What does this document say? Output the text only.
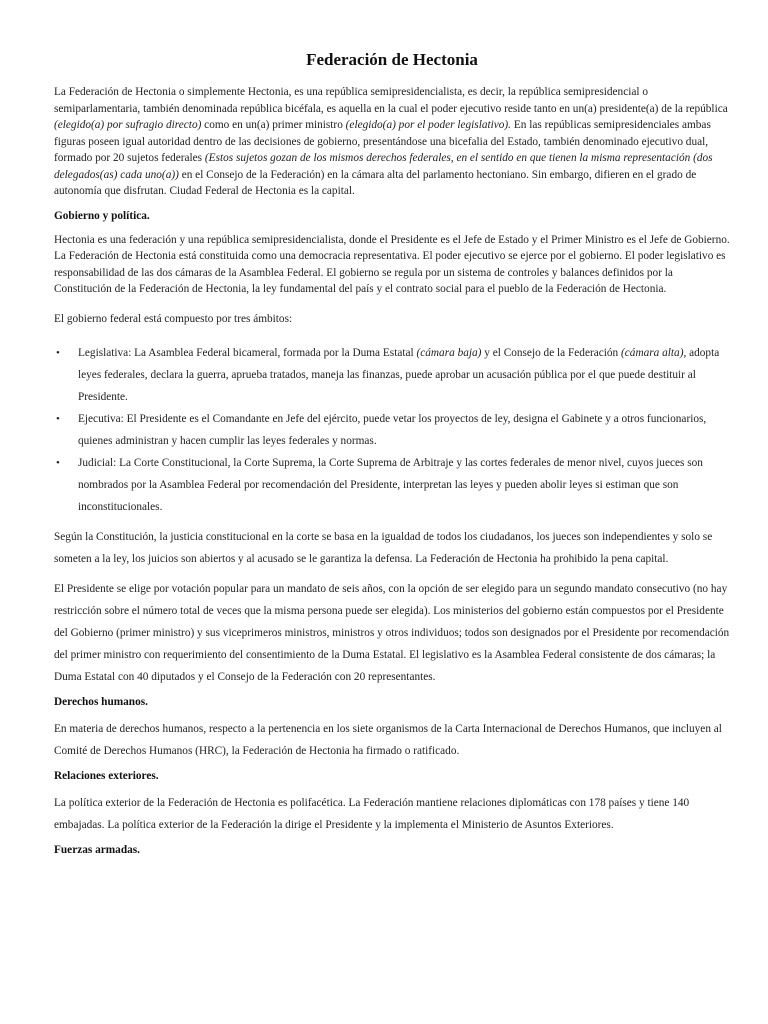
Federación de Hectonia

La Federación de Hectonia o simplemente Hectonia, es una república semipresidencialista, es decir, la república semipresidencial o semiparlamentaria, también denominada república bicéfala, es aquella en la cual el poder ejecutivo reside tanto en un(a) presidente(a) de la república (elegido(a) por sufragio directo) como en un(a) primer ministro (elegido(a) por el poder legislativo). En las repúblicas semipresidenciales ambas figuras poseen igual autoridad dentro de las decisiones de gobierno, presentándose una bicefalia del Estado, también denominado ejecutivo dual, formado por 20 sujetos federales (Estos sujetos gozan de los mismos derechos federales, en el sentido en que tienen la misma representación (dos delegados(as) cada uno(a)) en el Consejo de la Federación) en la cámara alta del parlamento hectoniano. Sin embargo, difieren en el grado de autonomía que disfrutan. Ciudad Federal de Hectonia es la capital.

Gobierno y política.

Hectonia es una federación y una república semipresidencialista, donde el Presidente es el Jefe de Estado y el Primer Ministro es el Jefe de Gobierno. La Federación de Hectonia está constituida como una democracia representativa. El poder ejecutivo se ejerce por el gobierno. El poder legislativo es responsabilidad de las dos cámaras de la Asamblea Federal. El gobierno se regula por un sistema de controles y balances definidos por la Constitución de la Federación de Hectonia, la ley fundamental del país y el contrato social para el pueblo de la Federación de Hectonia.

El gobierno federal está compuesto por tres ámbitos:

• Legislativa: La Asamblea Federal bicameral, formada por la Duma Estatal (cámara baja) y el Consejo de la Federación (cámara alta), adopta leyes federales, declara la guerra, aprueba tratados, maneja las finanzas, puede aprobar un acusación pública por el que puede destituir al Presidente.
• Ejecutiva: El Presidente es el Comandante en Jefe del ejército, puede vetar los proyectos de ley, designa el Gabinete y a otros funcionarios, quienes administran y hacen cumplir las leyes federales y normas.
• Judicial: La Corte Constitucional, la Corte Suprema, la Corte Suprema de Arbitraje y las cortes federales de menor nivel, cuyos jueces son nombrados por la Asamblea Federal por recomendación del Presidente, interpretan las leyes y pueden abolir leyes si estiman que son inconstitucionales.

Según la Constitución, la justicia constitucional en la corte se basa en la igualdad de todos los ciudadanos, los jueces son independientes y solo se someten a la ley, los juicios son abiertos y al acusado se le garantiza la defensa. La Federación de Hectonia ha prohibido la pena capital.

El Presidente se elige por votación popular para un mandato de seis años, con la opción de ser elegido para un segundo mandato consecutivo (no hay restricción sobre el número total de veces que la misma persona puede ser elegida). Los ministerios del gobierno están compuestos por el Presidente del Gobierno (primer ministro) y sus viceprimeros ministros, ministros y otros individuos; todos son designados por el Presidente por recomendación del primer ministro con requerimiento del consentimiento de la Duma Estatal. El legislativo es la Asamblea Federal consistente de dos cámaras; la Duma Estatal con 40 diputados y el Consejo de la Federación con 20 representantes.

Derechos humanos.

En materia de derechos humanos, respecto a la pertenencia en los siete organismos de la Carta Internacional de Derechos Humanos, que incluyen al Comité de Derechos Humanos (HRC), la Federación de Hectonia ha firmado o ratificado.

Relaciones exteriores.

La política exterior de la Federación de Hectonia es polifacética. La Federación mantiene relaciones diplomáticas con 178 países y tiene 140 embajadas. La política exterior de la Federación la dirige el Presidente y la implementa el Ministerio de Asuntos Exteriores.

Fuerzas armadas.
